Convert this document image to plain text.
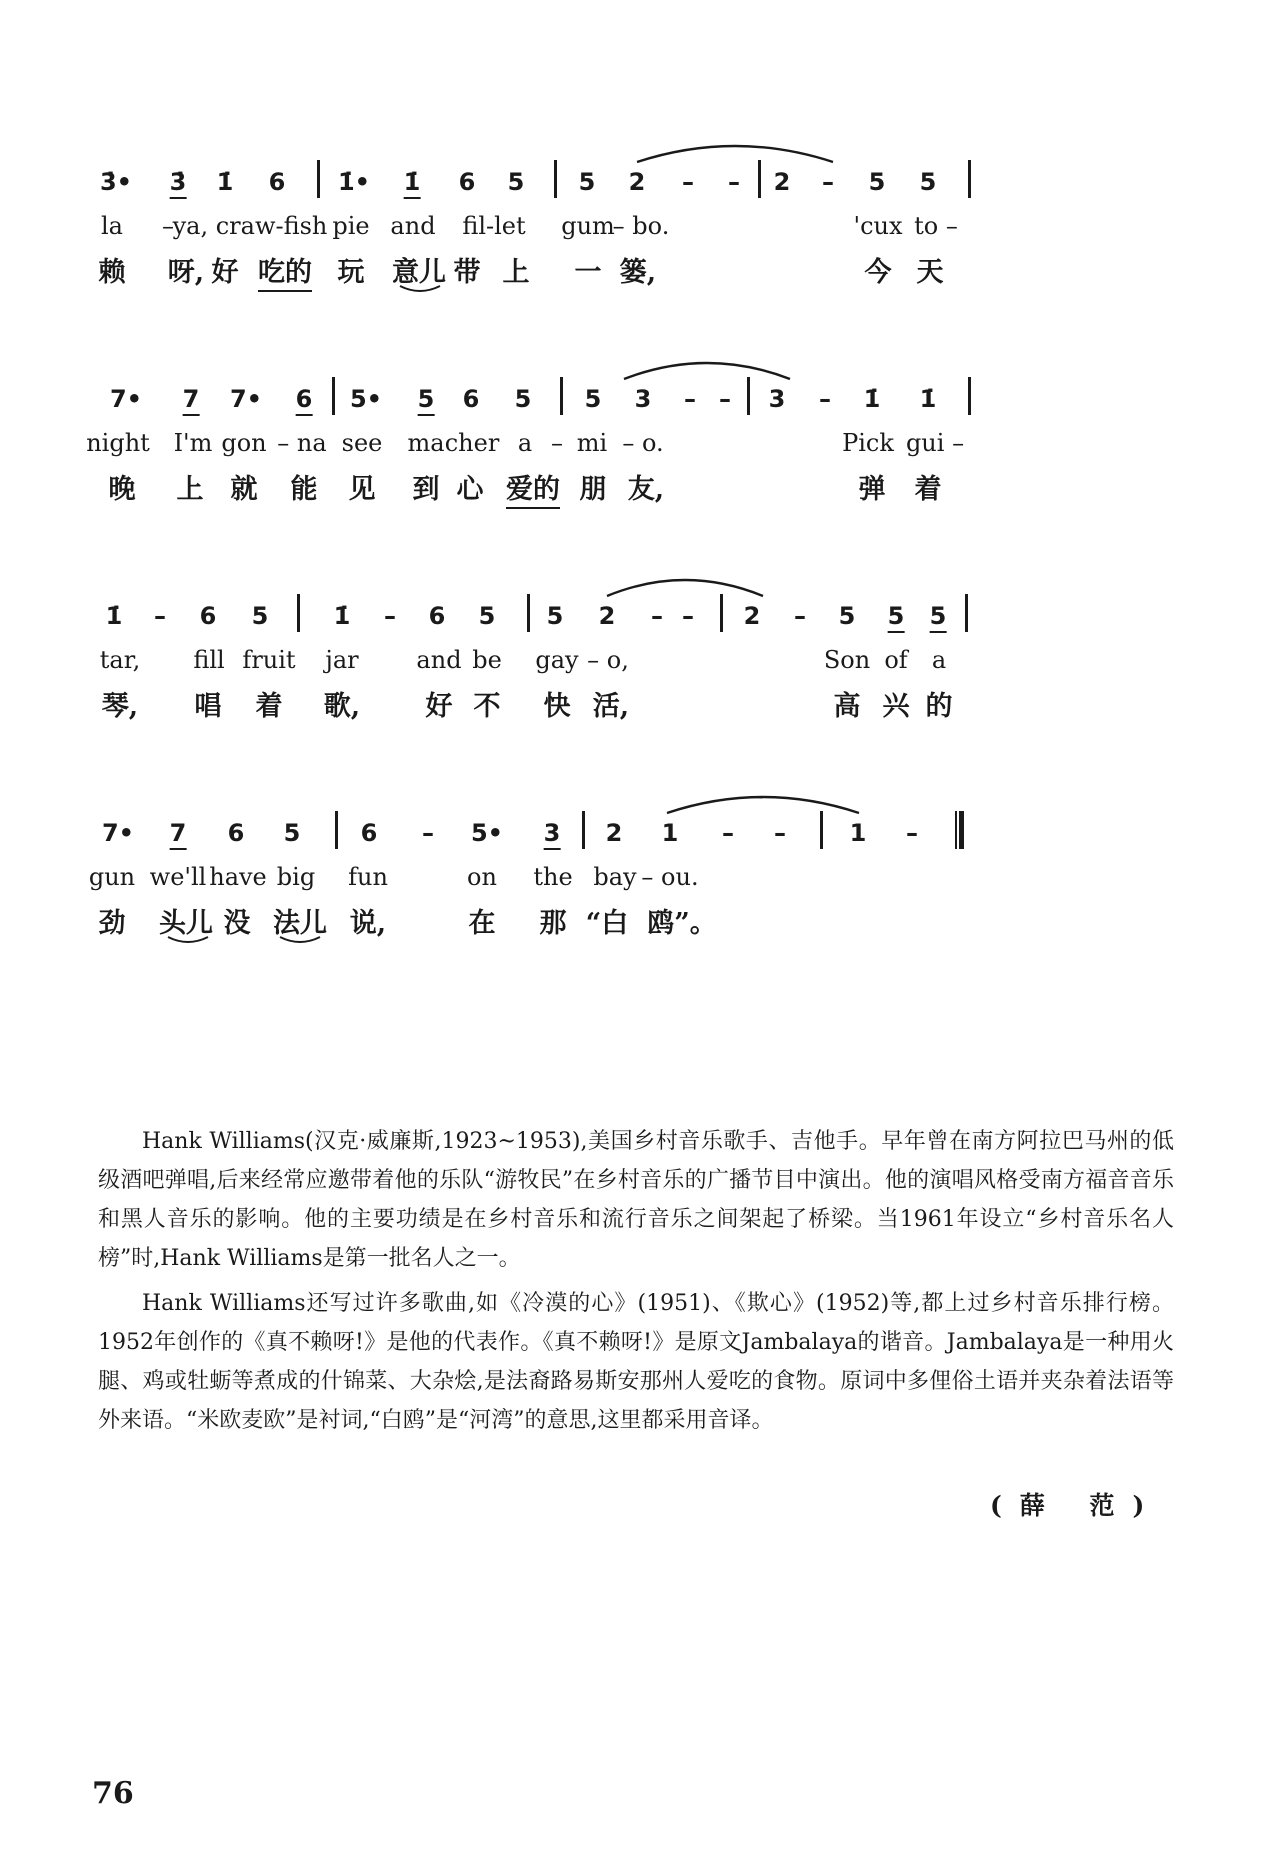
3̇• 3̇ 1̇ 6 1̇• 1̇ 6 5 5 2 – – 2 – 5 5
la –
ya, craw-fish pie and fil-let gum
– bo.	'cux to –
赖 呀, 好 吃的 玩 意儿 带 上 一 篓,	今 天
7• 7 7• 6 5• 5 6 5 5 3 – – 3 – 1̇ 1̇
night I'm gon – na see ma cher a – mi – o.	Pick gui –
晚 上 就 能 见 到 心 爱的 朋 友,	弹 着
1̇ – 6 5	1̇ – 6 5 5 2 – – 2 – 5 5 5
tar, fill fruit jar and be gay – o,	Son of a
琴, 唱 着 歌, 好 不 快 活,	高 兴 的
7• 7 6 5	6 – 5• 3 2 1 – –	1 –
gun we'll have big fun	on the bay – ou.
劲 头儿 没 法儿 说,	在 那 “白 鸥”。

Hank Williams(汉克·威廉斯,1923~1953),美国乡村音乐歌手、吉他手。早年曾在南方阿拉巴马州的低级酒吧弹唱,后来经常应邀带着他的乐队“游牧民”在乡村音乐的广播节目中演出。他的演唱风格受南方福音音乐和黑人音乐的影响。他的主要功绩是在乡村音乐和流行音乐之间架起了桥梁。当1961年设立“乡村音乐名人榜”时,Hank Williams是第一批名人之一。

Hank Williams还写过许多歌曲,如《冷漠的心》(1951)、《欺心》(1952)等,都上过乡村音乐排行榜。1952年创作的《真不赖呀!》是他的代表作。《真不赖呀!》是原文Jambalaya的谐音。Jambalaya是一种用火腿、鸡或牡蛎等煮成的什锦菜、大杂烩,是法裔路易斯安那州人爱吃的食物。原词中多俚俗土语并夹杂着法语等外来语。“米欧麦欧”是衬词,“白鸥”是“河湾”的意思,这里都采用音译。

(薛 范)
76
